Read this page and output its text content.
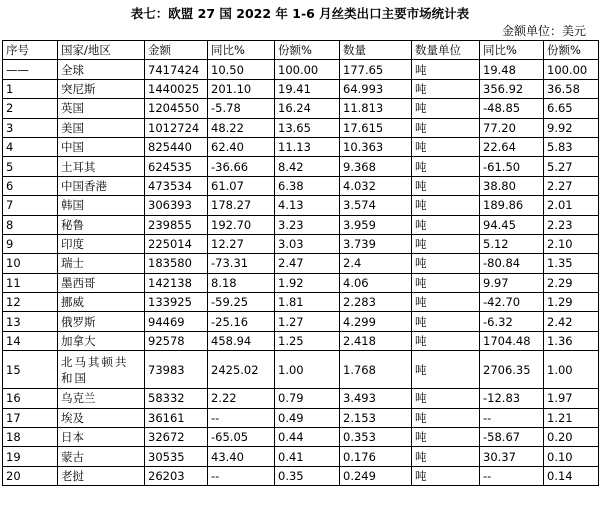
表七：欧盟 27 国 2022 年 1-6 月丝类出口主要市场统计表
金额单位：美元
序号	国家/地区	金额	同比%	份额%	数量	数量单位	同比%	份额%
——	全球	7417424	10.50	100.00	177.65	吨	19.48	100.00
1	突尼斯	1440025	201.10	19.41	64.993	吨	356.92	36.58
2	英国	1204550	-5.78	16.24	11.813	吨	-48.85	6.65
3	美国	1012724	48.22	13.65	17.615	吨	77.20	9.92
4	中国	825440	62.40	11.13	10.363	吨	22.64	5.83
5	土耳其	624535	-36.66	8.42	9.368	吨	-61.50	5.27
6	中国香港	473534	61.07	6.38	4.032	吨	38.80	2.27
7	韩国	306393	178.27	4.13	3.574	吨	189.86	2.01
8	秘鲁	239855	192.70	3.23	3.959	吨	94.45	2.23
9	印度	225014	12.27	3.03	3.739	吨	5.12	2.10
10	瑞士	183580	-73.31	2.47	2.4	吨	-80.84	1.35
11	墨西哥	142138	8.18	1.92	4.06	吨	9.97	2.29
12	挪威	133925	-59.25	1.81	2.283	吨	-42.70	1.29
13	俄罗斯	94469	-25.16	1.27	4.299	吨	-6.32	2.42
14	加拿大	92578	458.94	1.25	2.418	吨	1704.48	1.36
15	北马其顿共和国	73983	2425.02	1.00	1.768	吨	2706.35	1.00
16	乌克兰	58332	2.22	0.79	3.493	吨	-12.83	1.97
17	埃及	36161	--	0.49	2.153	吨	--	1.21
18	日本	32672	-65.05	0.44	0.353	吨	-58.67	0.20
19	蒙古	30535	43.40	0.41	0.176	吨	30.37	0.10
20	老挝	26203	--	0.35	0.249	吨	--	0.14
